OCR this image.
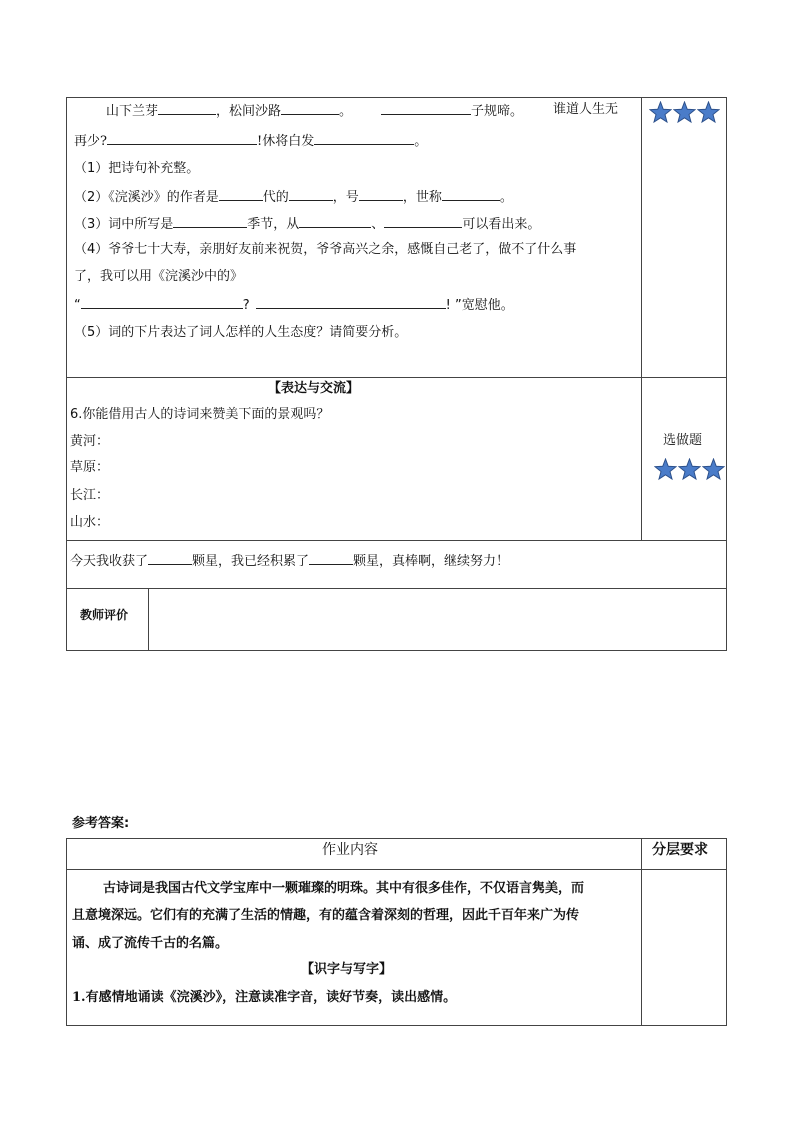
山下兰芽	，松间沙路	。	子规啼。 谁道人生无
再少?	!休将白发	。
（1）把诗句补充整。
（2）《浣溪沙》的作者是	代的	，号	，世称	。
（3）词中所写是	季节，从	、	可以看出来。
（4）爷爷七十大寿，亲朋好友前来祝贺，爷爷高兴之余，感慨自己老了，做不了什么事
了，我可以用《浣溪沙中的》
“	?	! ”宽慰他。
（5）词的下片表达了词人怎样的人生态度？请简要分析。
【表达与交流】
6.你能借用古人的诗词来赞美下面的景观吗？
黄河：
草原：
长江：
山水：
选做题
今天我收获了	颗星，我已经积累了	颗星，真棒啊，继续努力！
教师评价
参考答案:
作业内容	分层要求
古诗词是我国古代文学宝库中一颗璀璨的明珠。其中有很多佳作，不仅语言隽美，而
且意境深远。它们有的充满了生活的情趣，有的蕴含着深刻的哲理，因此千百年来广为传
诵、成了流传千古的名篇。
【识字与写字】
1.有感情地诵读《浣溪沙》，注意读准字音，读好节奏，读出感情。
